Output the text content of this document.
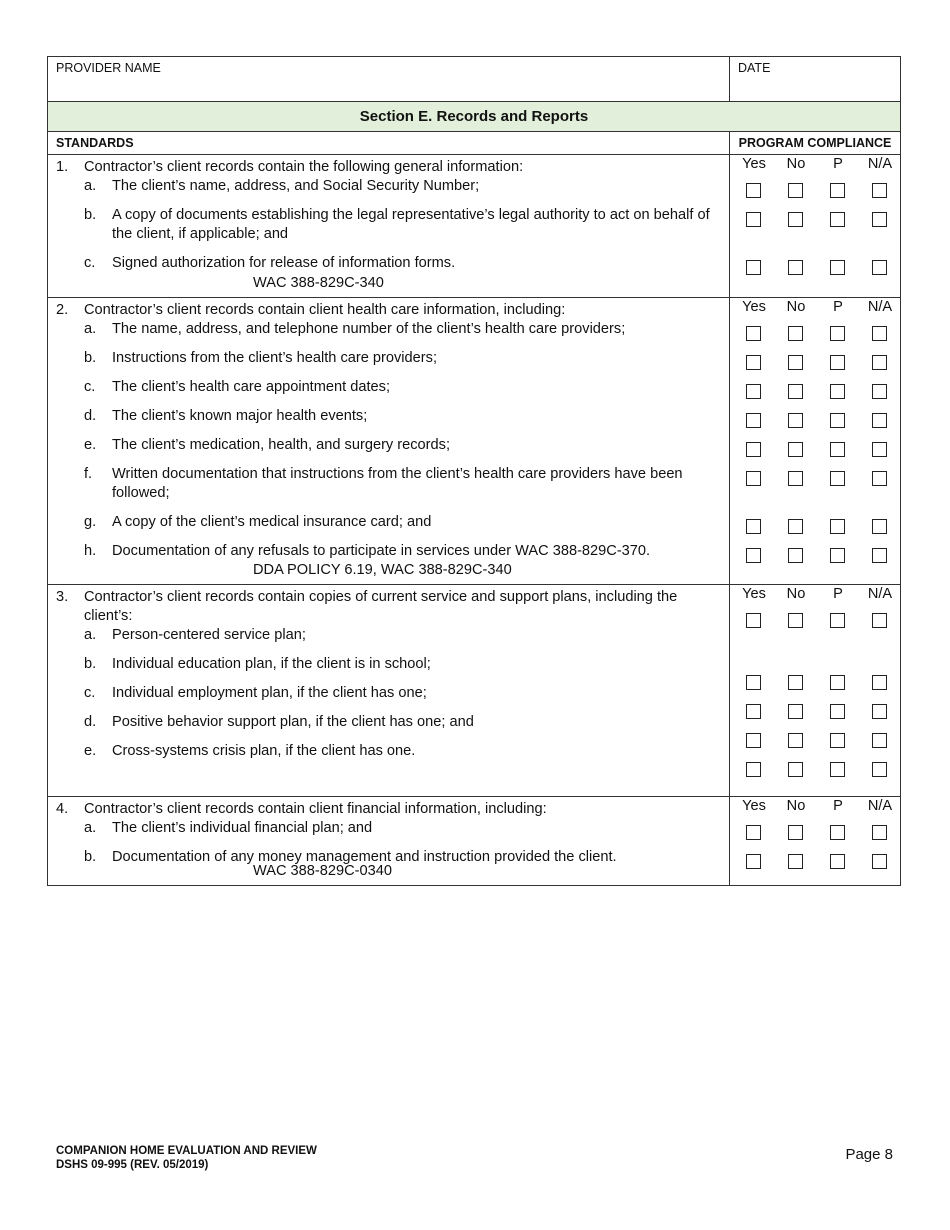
PROVIDER NAME	DATE
Section E. Records and Reports
STANDARDS	PROGRAM COMPLIANCE
1.	Contractor’s client records contain the following general information:
a.	The client’s name, address, and Social Security Number;
b.	A copy of documents establishing the legal representative’s legal authority to act on behalf of the client, if applicable; and
c.	Signed authorization for release of information forms.
WAC 388-829C-340
Yes No P N/A
2.	Contractor’s client records contain client health care information, including:
a.	The name, address, and telephone number of the client’s health care providers;
b.	Instructions from the client’s health care providers;
c.	The client’s health care appointment dates;
d.	The client’s known major health events;
e.	The client’s medication, health, and surgery records;
f.	Written documentation that instructions from the client’s health care providers have been followed;
g.	A copy of the client’s medical insurance card; and
h.	Documentation of any refusals to participate in services under WAC 388-829C-370.
DDA POLICY 6.19, WAC 388-829C-340
Yes No P N/A
3.	Contractor’s client records contain copies of current service and support plans, including the client’s:
a.	Person-centered service plan;
b.	Individual education plan, if the client is in school;
c.	Individual employment plan, if the client has one;
d.	Positive behavior support plan, if the client has one; and
e.	Cross-systems crisis plan, if the client has one.
Yes No P N/A
4.	Contractor’s client records contain client financial information, including:
a.	The client’s individual financial plan; and
b.	Documentation of any money management and instruction provided the client.
WAC 388-829C-0340
Yes No P N/A
COMPANION HOME EVALUATION AND REVIEW
DSHS 09-995 (REV. 05/2019)
Page 8
